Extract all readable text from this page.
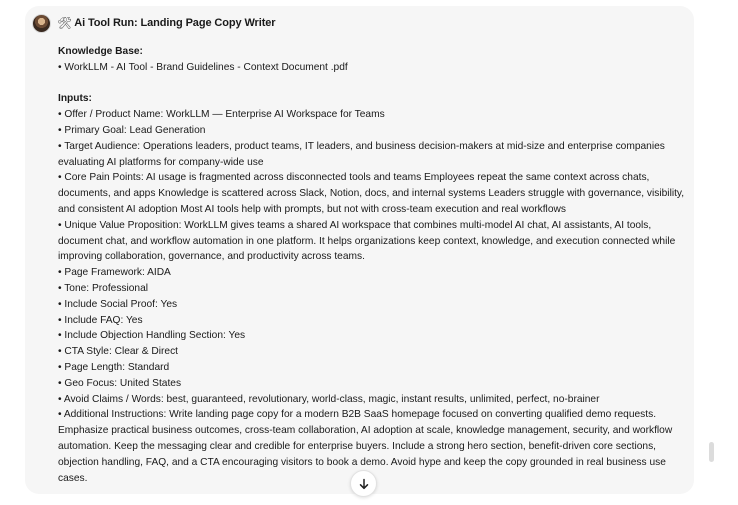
🛠 Ai Tool Run: Landing Page Copy Writer

Knowledge Base:

• WorkLLM - AI Tool - Brand Guidelines - Context Document .pdf

Inputs:

• Offer / Product Name: WorkLLM — Enterprise AI Workspace for Teams

• Primary Goal: Lead Generation

• Target Audience: Operations leaders, product teams, IT leaders, and business decision-makers at mid-size and enterprise companies evaluating AI platforms for company-wide use

• Core Pain Points: AI usage is fragmented across disconnected tools and teams Employees repeat the same context across chats, documents, and apps Knowledge is scattered across Slack, Notion, docs, and internal systems Leaders struggle with governance, visibility, and consistent AI adoption Most AI tools help with prompts, but not with cross-team execution and real workflows

• Unique Value Proposition: WorkLLM gives teams a shared AI workspace that combines multi-model AI chat, AI assistants, AI tools, document chat, and workflow automation in one platform. It helps organizations keep context, knowledge, and execution connected while improving collaboration, governance, and productivity across teams.

• Page Framework: AIDA

• Tone: Professional

• Include Social Proof: Yes

• Include FAQ: Yes

• Include Objection Handling Section: Yes

• CTA Style: Clear & Direct

• Page Length: Standard

• Geo Focus: United States

• Avoid Claims / Words: best, guaranteed, revolutionary, world-class, magic, instant results, unlimited, perfect, no-brainer

• Additional Instructions: Write landing page copy for a modern B2B SaaS homepage focused on converting qualified demo requests. Emphasize practical business outcomes, cross-team collaboration, AI adoption at scale, knowledge management, security, and workflow automation. Keep the messaging clear and credible for enterprise buyers. Include a strong hero section, benefit-driven core sections, objection handling, FAQ, and a CTA encouraging visitors to book a demo. Avoid hype and keep the copy grounded in real business use cases.
